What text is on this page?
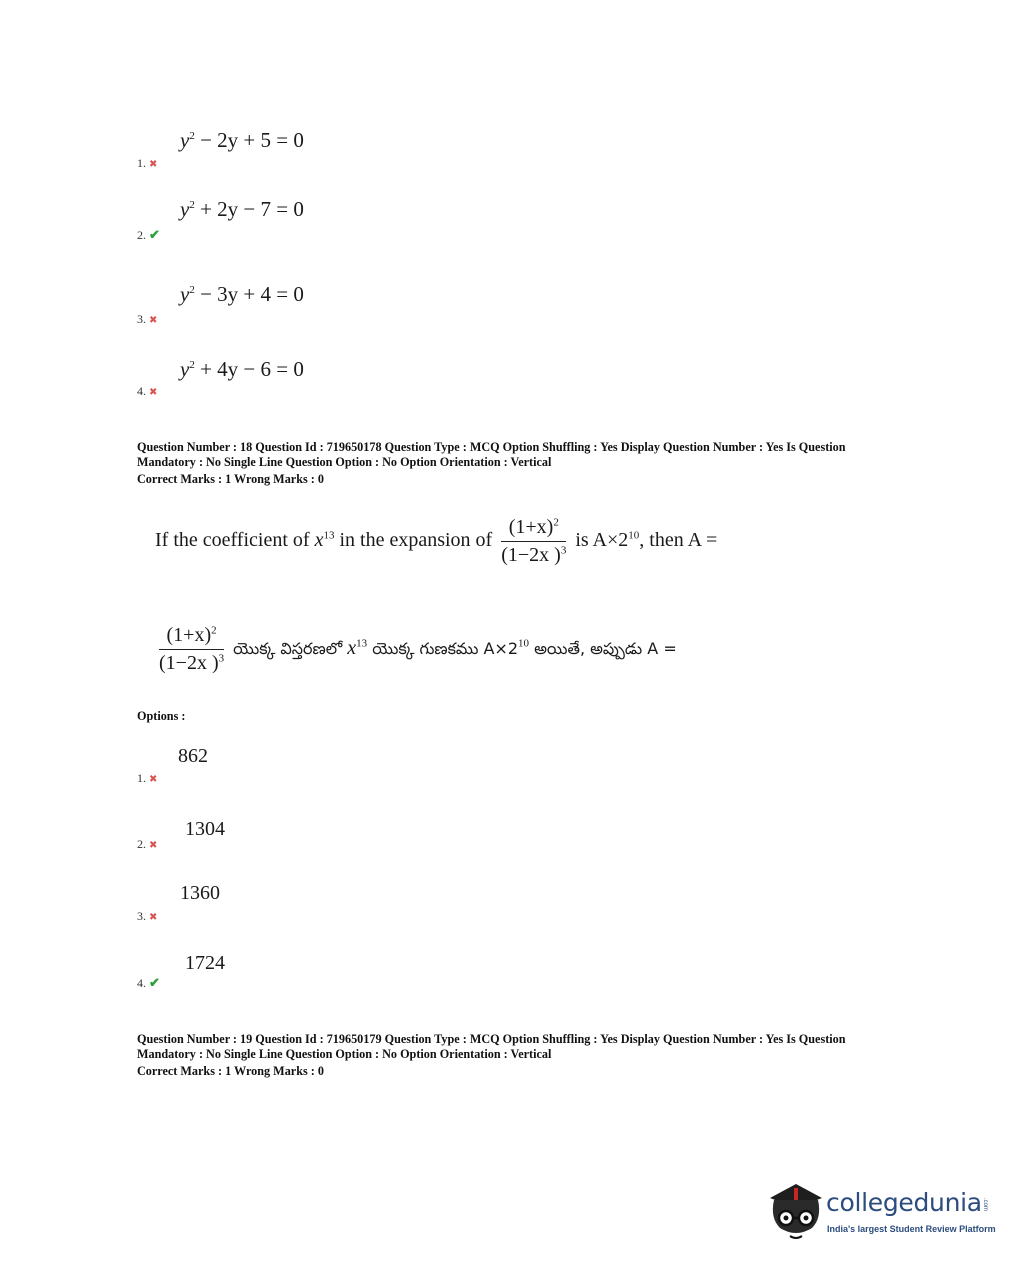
$y^2 - 2y + 5 = 0$
1. ✖
$y^2 + 2y - 7 = 0$
2. ✔
$y^2 - 3y + 4 = 0$
3. ✖
$y^2 + 4y - 6 = 0$
4. ✖
Question Number : 18 Question Id : 719650178 Question Type : MCQ Option Shuffling : Yes Display Question Number : Yes Is Question
Mandatory : No Single Line Question Option : No Option Orientation : Vertical
Correct Marks : 1 Wrong Marks : 0
If the coefficient of $x^{13}$ in the expansion of $\frac{(1+x)^2}{(1-2x )^3}$ is $A\times 2^{10}$, then A =
$\frac{(1+x)^2}{(1-2x )^3}$ యొక్క విస్తరణలో $x^{13}$ యొక్క గుణకము $A\times 2^{10}$ అయితే, అప్పుడు A =
Options :
862
1. ✖
1304
2. ✖
1360
3. ✖
1724
4. ✔
Question Number : 19 Question Id : 719650179 Question Type : MCQ Option Shuffling : Yes Display Question Number : Yes Is Question
Mandatory : No Single Line Question Option : No Option Orientation : Vertical
Correct Marks : 1 Wrong Marks : 0
collegedunia.com
India's largest Student Review Platform
